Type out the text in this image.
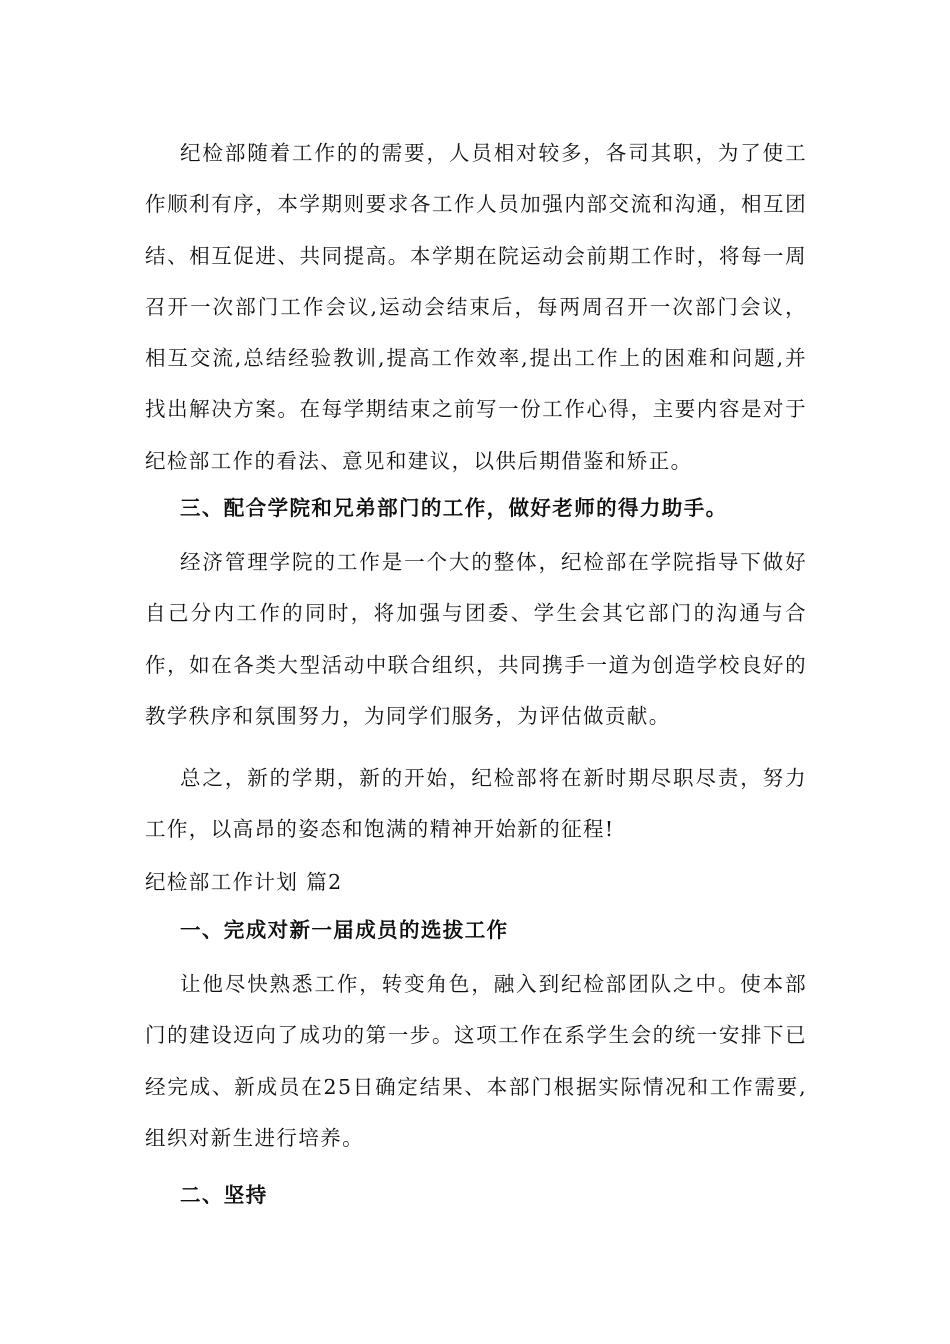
纪检部随着工作的的需要，人员相对较多，各司其职，为了使工作顺利有序，本学期则要求各工作人员加强内部交流和沟通，相互团结、相互促进、共同提高。本学期在院运动会前期工作时，将每一周召开一次部门工作会议,运动会结束后，每两周召开一次部门会议，相互交流,总结经验教训,提高工作效率,提出工作上的困难和问题,并找出解决方案。在每学期结束之前写一份工作心得，主要内容是对于纪检部工作的看法、意见和建议，以供后期借鉴和矫正。

三、配合学院和兄弟部门的工作，做好老师的得力助手。

经济管理学院的工作是一个大的整体，纪检部在学院指导下做好自己分内工作的同时，将加强与团委、学生会其它部门的沟通与合作，如在各类大型活动中联合组织，共同携手一道为创造学校良好的教学秩序和氛围努力，为同学们服务，为评估做贡献。

总之，新的学期，新的开始，纪检部将在新时期尽职尽责，努力工作，以高昂的姿态和饱满的精神开始新的征程!

纪检部工作计划 篇2

一、完成对新一届成员的选拔工作

让他尽快熟悉工作，转变角色，融入到纪检部团队之中。使本部门的建设迈向了成功的第一步。这项工作在系学生会的统一安排下已经完成、新成员在25日确定结果、本部门根据实际情况和工作需要,组织对新生进行培养。

二、坚持
